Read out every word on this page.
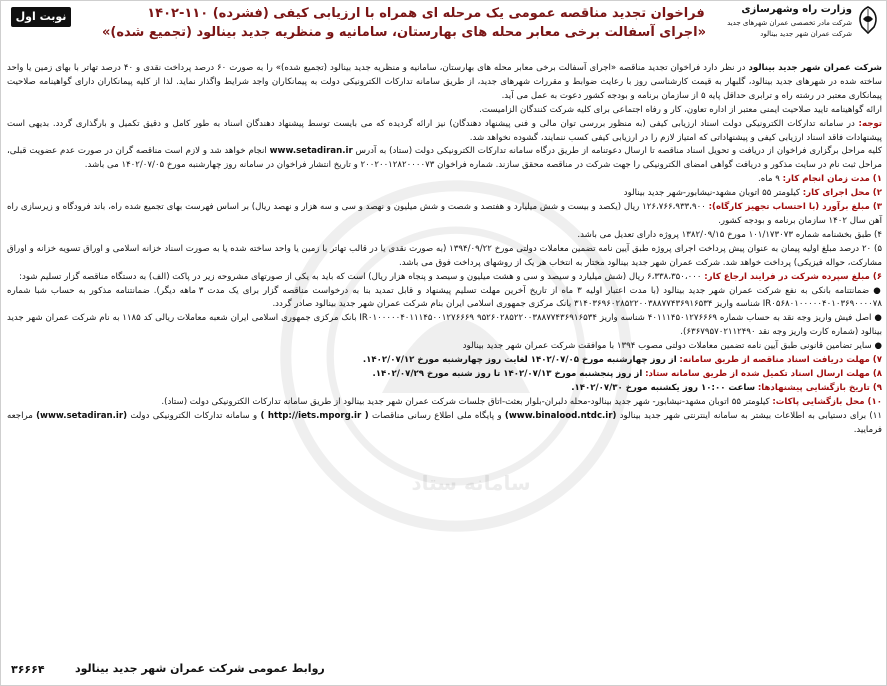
وزارت راه وشهرسازی
شرکت مادر تخصصی عمران شهرهای جدید
شرکت عمران شهر جدید بینالود
فراخوان تجدید مناقصه عمومی یک مرحله ای همراه با ارزیابی کیفی (فشرده) ۱۱۰-۱۴۰۲
«اجرای آسفالت برخی معابر محله های بهارستان، سامانیه و منظریه جدید بینالود (تجمیع شده)»
نوبت اول
سامانه ستاد

شرکت عمران شهر جدید بینالود در نظر دارد فراخوان تجدید مناقصه «اجرای آسفالت برخی معابر محله های بهارستان، سامانیه و منظریه جدید بینالود (تجمیع شده)» را به صورت ۶۰ درصد پرداخت نقدی و ۴۰ درصد تهاتر با بهای زمین یا واحد ساخته شده در شهرهای جدید بینالود، گلبهار به قیمت کارشناسی روز با رعایت ضوابط و مقررات شهرهای جدید، از طریق سامانه تدارکات الکترونیکی دولت به پیمانکاران واجد شرایط واگذار نماید. لذا از کلیه پیمانکاران دارای گواهینامه صلاحیت پیمانکاری معتبر در رشته راه و ترابری حداقل پایه ۵ از سازمان برنامه و بودجه کشور دعوت به عمل می آید.

ارائه گواهینامه تایید صلاحیت ایمنی معتبر از اداره تعاون، کار و رفاه اجتماعی برای کلیه شرکت کنندگان الزامیست.

توجه: در سامانه تدارکات الکترونیکی دولت اسناد ارزیابی کیفی (به منظور بررسی توان مالی و فنی پیشنهاد دهندگان) نیز ارائه گردیده که می بایست توسط پیشنهاد دهندگان اسناد به طور کامل و دقیق تکمیل و بارگذاری گردد. بدیهی است پیشنهادات فاقد اسناد ارزیابی کیفی و پیشنهاداتی که امتیاز لازم را در ارزیابی کیفی کسب ننمایند، گشوده نخواهد شد.

کلیه مراحل برگزاری فراخوان از دریافت و تحویل اسناد مناقصه تا ارسال دعوتنامه از طریق درگاه سامانه تدارکات الکترونیکی دولت (ستاد) به آدرس www.setadiran.ir انجام خواهد شد و لازم است مناقصه گران در صورت عدم عضویت قبلی، مراحل ثبت نام در سایت مذکور و دریافت گواهی امضای الکترونیکی را جهت شرکت در مناقصه محقق سازند. شماره فراخوان ۲۰۰۲۰۰۱۲۸۲۰۰۰۰۷۳ و تاریخ انتشار فراخوان در سامانه روز چهارشنبه مورخ ۱۴۰۲/۰۷/۰۵ می باشد.

۱) مدت زمان انجام کار: ۹ ماه.

۲) محل اجرای کار: کیلومتر ۵۵ اتوبان مشهد-نیشابور-شهر جدید بینالود

۳) مبلغ برآورد (با احتساب تجهیز کارگاه): ۱۲۶،۷۶۶،۹۳۳،۹۰۰ ریال (یکصد و بیست و شش میلیارد و هفتصد و شصت و شش میلیون و نهصد و سی و سه هزار و نهصد ریال) بر اساس فهرست بهای تجمیع شده راه، باند فرودگاه و زیرسازی راه آهن سال ۱۴۰۲ سازمان برنامه و بودجه کشور.

۴) طبق بخشنامه شماره ۱۰۱/۱۷۳۰۷۳ مورخ ۱۳۸۲/۰۹/۱۵ پروژه دارای تعدیل می باشد.

۵) ۲۰ درصد مبلغ اولیه پیمان به عنوان پیش پرداخت اجرای پروژه طبق آیین نامه تضمین معاملات دولتی مورخ ۱۳۹۴/۰۹/۲۲ (به صورت نقدی یا در قالب تهاتر با زمین یا واحد ساخته شده یا به صورت اسناد خزانه اسلامی و اوراق تسویه خزانه و اوراق مشارکت، حواله فیزیکی) پرداخت خواهد شد. شرکت عمران شهر جدید بینالود مختار به انتخاب هر یک از روشهای پرداخت فوق می باشد.

۶) مبلغ سپرده شرکت در فرایند ارجاع کار: ۶،۳۳۸،۳۵۰،۰۰۰ ریال (شش میلیارد و سیصد و سی و هشت میلیون و سیصد و پنجاه هزار ریال) است که باید به یکی از صورتهای مشروحه زیر در پاکت (الف) به دستگاه مناقصه گزار تسلیم شود:

● ضمانتنامه بانکی به نفع شرکت عمران شهر جدید بینالود (با مدت اعتبار اولیه ۳ ماه از تاریخ آخرین مهلت تسلیم پیشنهاد و قابل تمدید بنا به درخواست مناقصه گزار برای یک مدت ۳ ماهه دیگر). ضمانتنامه مذکور به حساب شبا شماره IR۰۵۶۸۰۱۰۰۰۰۰۴۰۱۰۳۶۹۰۰۰۰۷۸ شناسه واریز ۳۱۴۰۳۶۹۶۰۲۸۵۲۲۰۰۳۸۸۷۷۴۳۶۹۱۶۵۳۴ بانک مرکزی جمهوری اسلامی ایران بنام شرکت عمران شهر جدید بینالود صادر گردد.

● اصل فیش واریز وجه نقد به حساب شماره ۴۰۱۱۱۴۵۰۱۲۷۶۶۶۹ شناسه واریز IR۰۱۰۰۰۰۰۴۰۱۱۱۴۵۰۰۱۲۷۶۶۶۹ ۹۵۲۶۰۲۸۵۲۲۰۰۳۸۸۷۷۴۳۶۹۱۶۵۳۴ بانک مرکزی جمهوری اسلامی ایران شعبه معاملات ریالی کد ۱۱۸۵ به نام شرکت عمران شهر جدید بینالود (شماره کارت واریز وجه نقد ۶۳۶۷۹۵۷۰۲۱۱۲۴۹۰).

● سایر تضامین قانونی طبق آیین نامه تضمین معاملات دولتی مصوب ۱۳۹۴ با موافقت شرکت عمران شهر جدید بینالود

۷) مهلت دریافت اسناد مناقصه از طریق سامانه: از روز چهارشنبه مورخ ۱۴۰۲/۰۷/۰۵ لغایت روز چهارشنبه مورخ ۱۴۰۲/۰۷/۱۲.

۸) مهلت ارسال اسناد تکمیل شده از طریق سامانه ستاد: از روز پنجشنبه مورخ ۱۴۰۲/۰۷/۱۳ تا روز شنبه مورخ ۱۴۰۲/۰۷/۲۹.

۹) تاریخ بازگشایی پیشنهادها: ساعت ۱۰:۰۰ روز یکشنبه مورخ ۱۴۰۲/۰۷/۳۰.

۱۰) محل بازگشایی پاکات: کیلومتر ۵۵ اتوبان مشهد-نیشابور- شهر جدید بینالود-محله دلبران-بلوار بعثت-اتاق جلسات شرکت عمران شهر جدید بینالود از طریق سامانه تدارکات الکترونیکی دولت (ستاد).

۱۱) برای دستیابی به اطلاعات بیشتر به سامانه اینترنتی شهر جدید بینالود (www.binalood.ntdc.ir) و پایگاه ملی اطلاع رسانی مناقصات ( http://iets.mporg.ir ) و سامانه تدارکات الکترونیکی دولت (www.setadiran.ir) مراجعه فرمایید.

۳۶۶۶۴	روابط عمومی شرکت عمران شهر جدید بینالود
